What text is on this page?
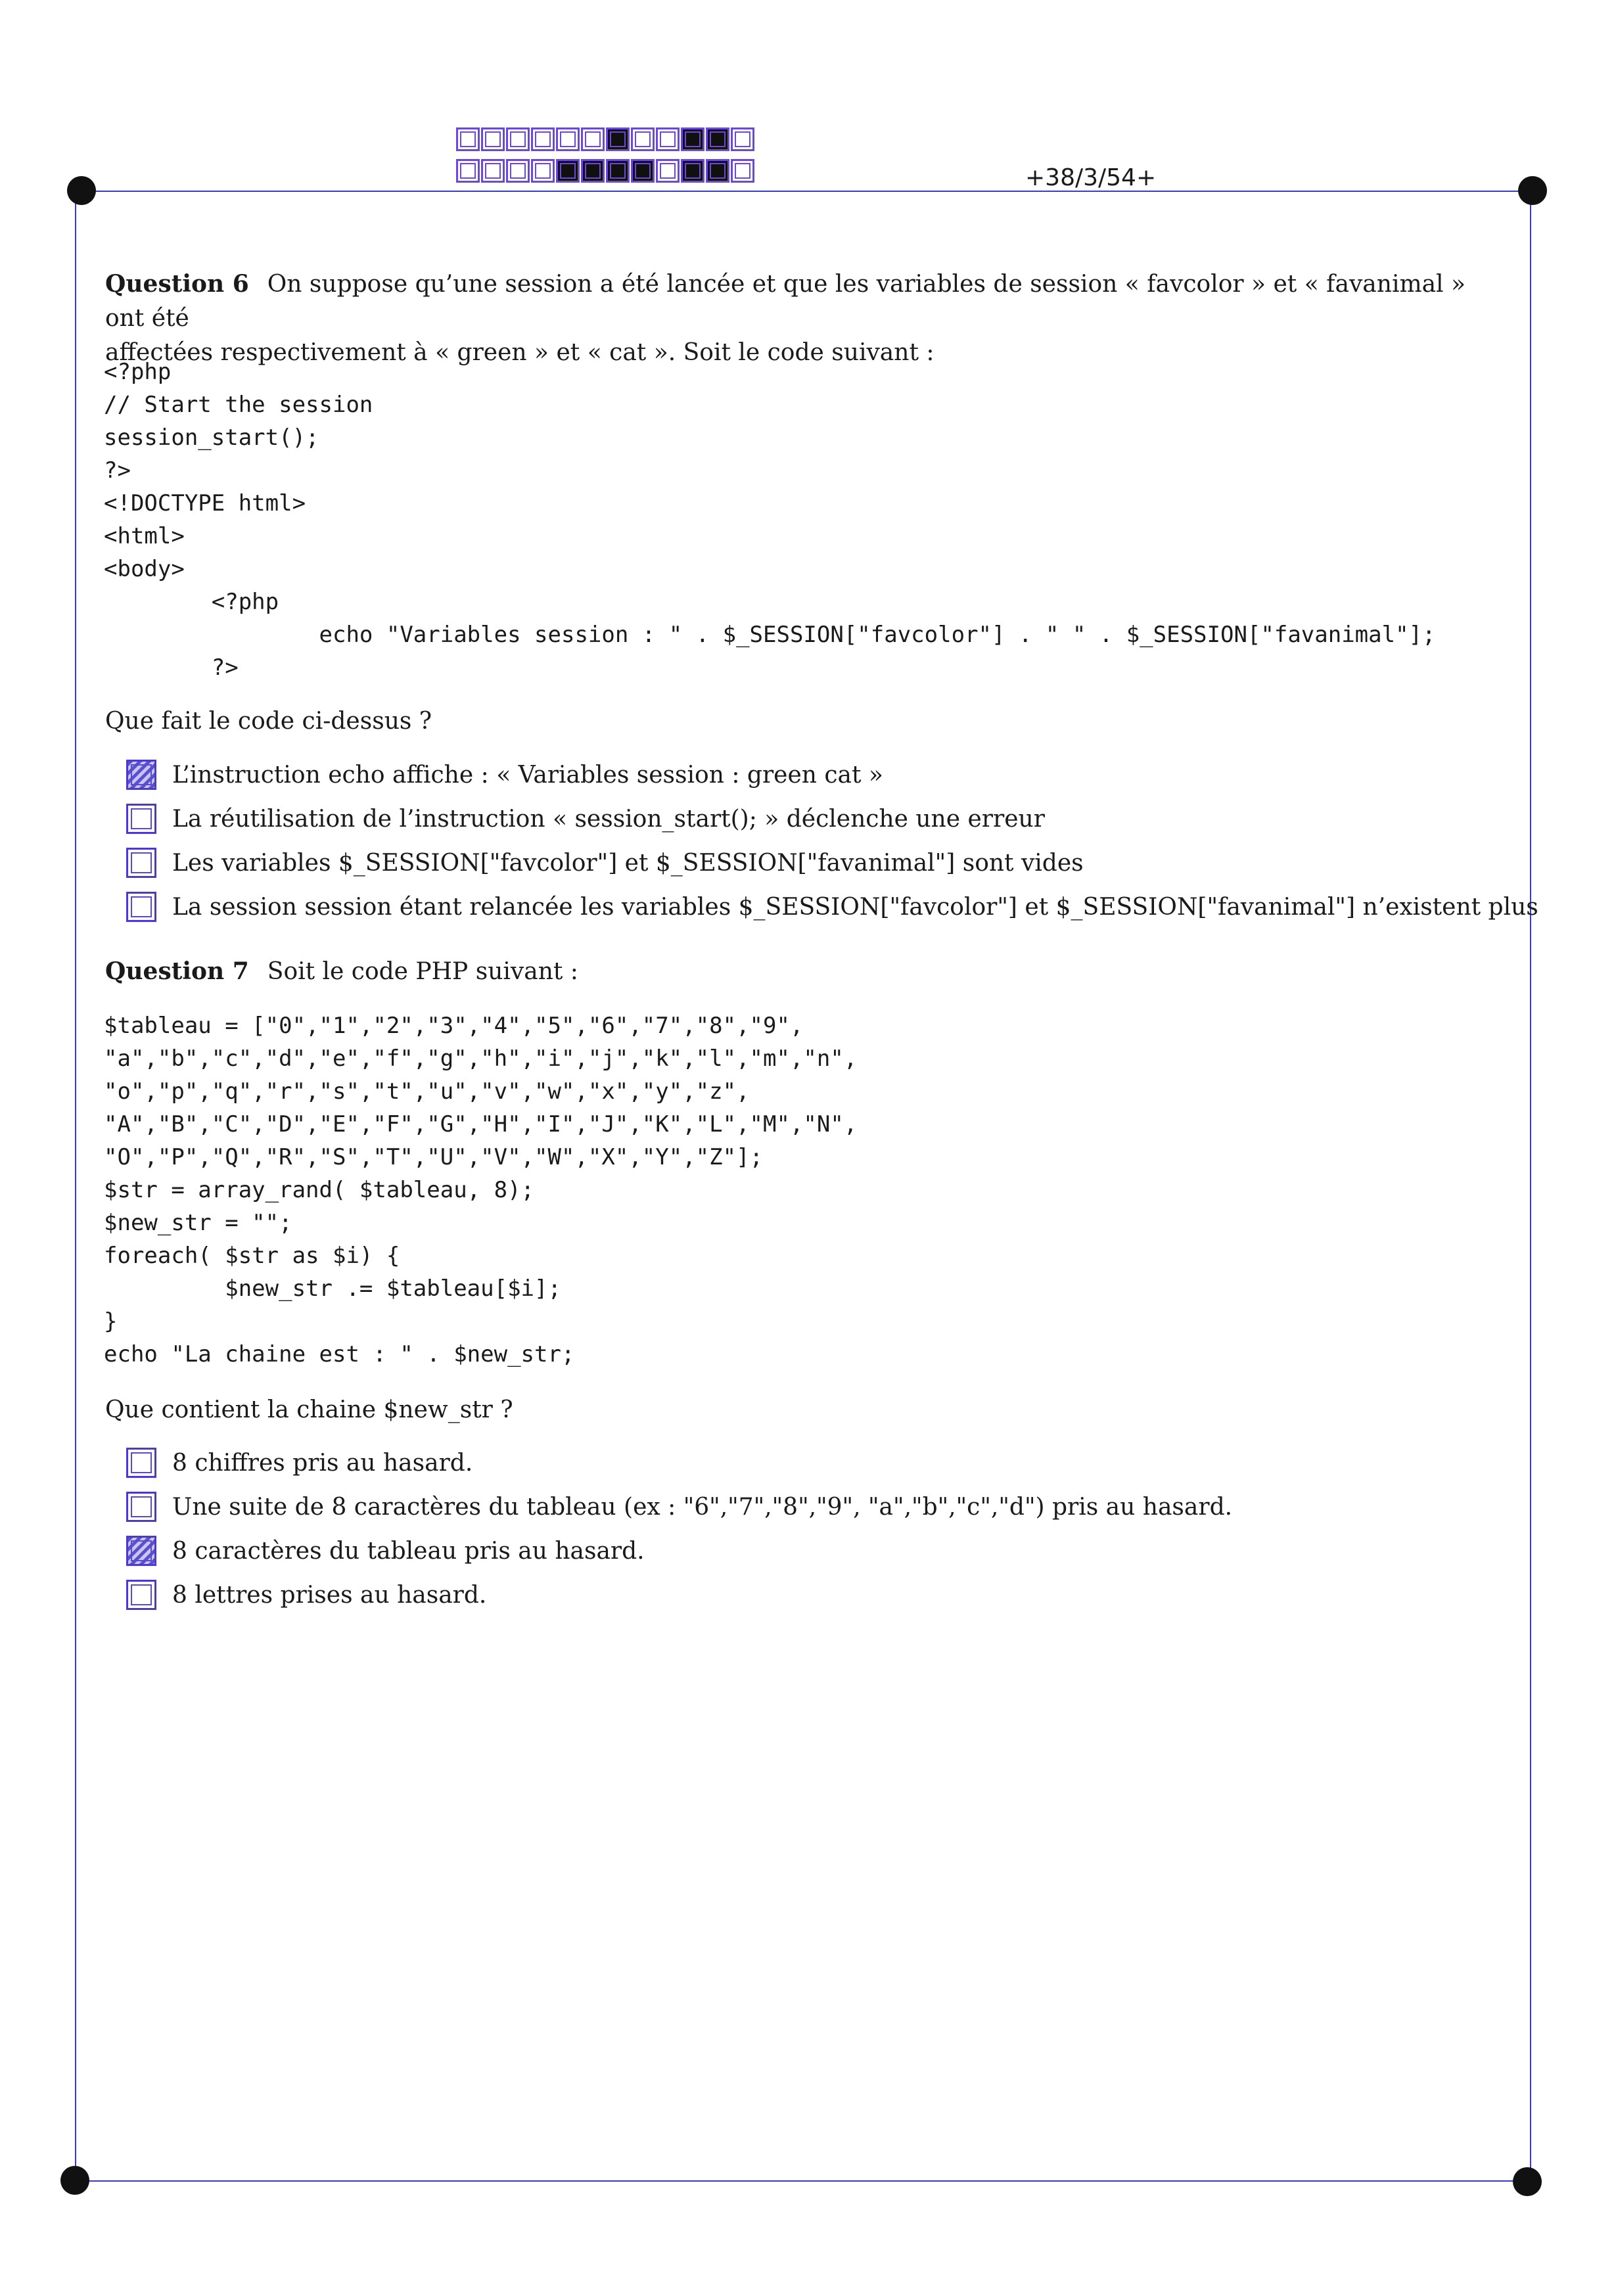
+38/3/54+
Question 6 On suppose qu’une session a été lancée et que les variables de session « favcolor » et « favanimal » ont été
affectées respectivement à « green » et « cat ». Soit le code suivant :
<?php
// Start the session
session_start();
?>
<!DOCTYPE html>
<html>
<body>
<?php
echo "Variables session : " . $_SESSION["favcolor"] . " " . $_SESSION["favanimal"];
?>
Que fait le code ci-dessus ?
L’instruction echo affiche : « Variables session : green cat »
La réutilisation de l’instruction « session_start(); » déclenche une erreur
Les variables $_SESSION["favcolor"] et $_SESSION["favanimal"] sont vides
La session session étant relancée les variables $_SESSION["favcolor"] et $_SESSION["favanimal"] n’existent plus
Question 7 Soit le code PHP suivant :
$tableau = ["0","1","2","3","4","5","6","7","8","9",
"a","b","c","d","e","f","g","h","i","j","k","l","m","n",
"o","p","q","r","s","t","u","v","w","x","y","z",
"A","B","C","D","E","F","G","H","I","J","K","L","M","N",
"O","P","Q","R","S","T","U","V","W","X","Y","Z"];
$str = array_rand( $tableau, 8);
$new_str = "";
foreach( $str as $i) {
$new_str .= $tableau[$i];
}
echo "La chaine est : " . $new_str;
Que contient la chaine $new_str ?
8 chiffres pris au hasard.
Une suite de 8 caractères du tableau (ex : "6","7","8","9", "a","b","c","d") pris au hasard.
8 caractères du tableau pris au hasard.
8 lettres prises au hasard.
